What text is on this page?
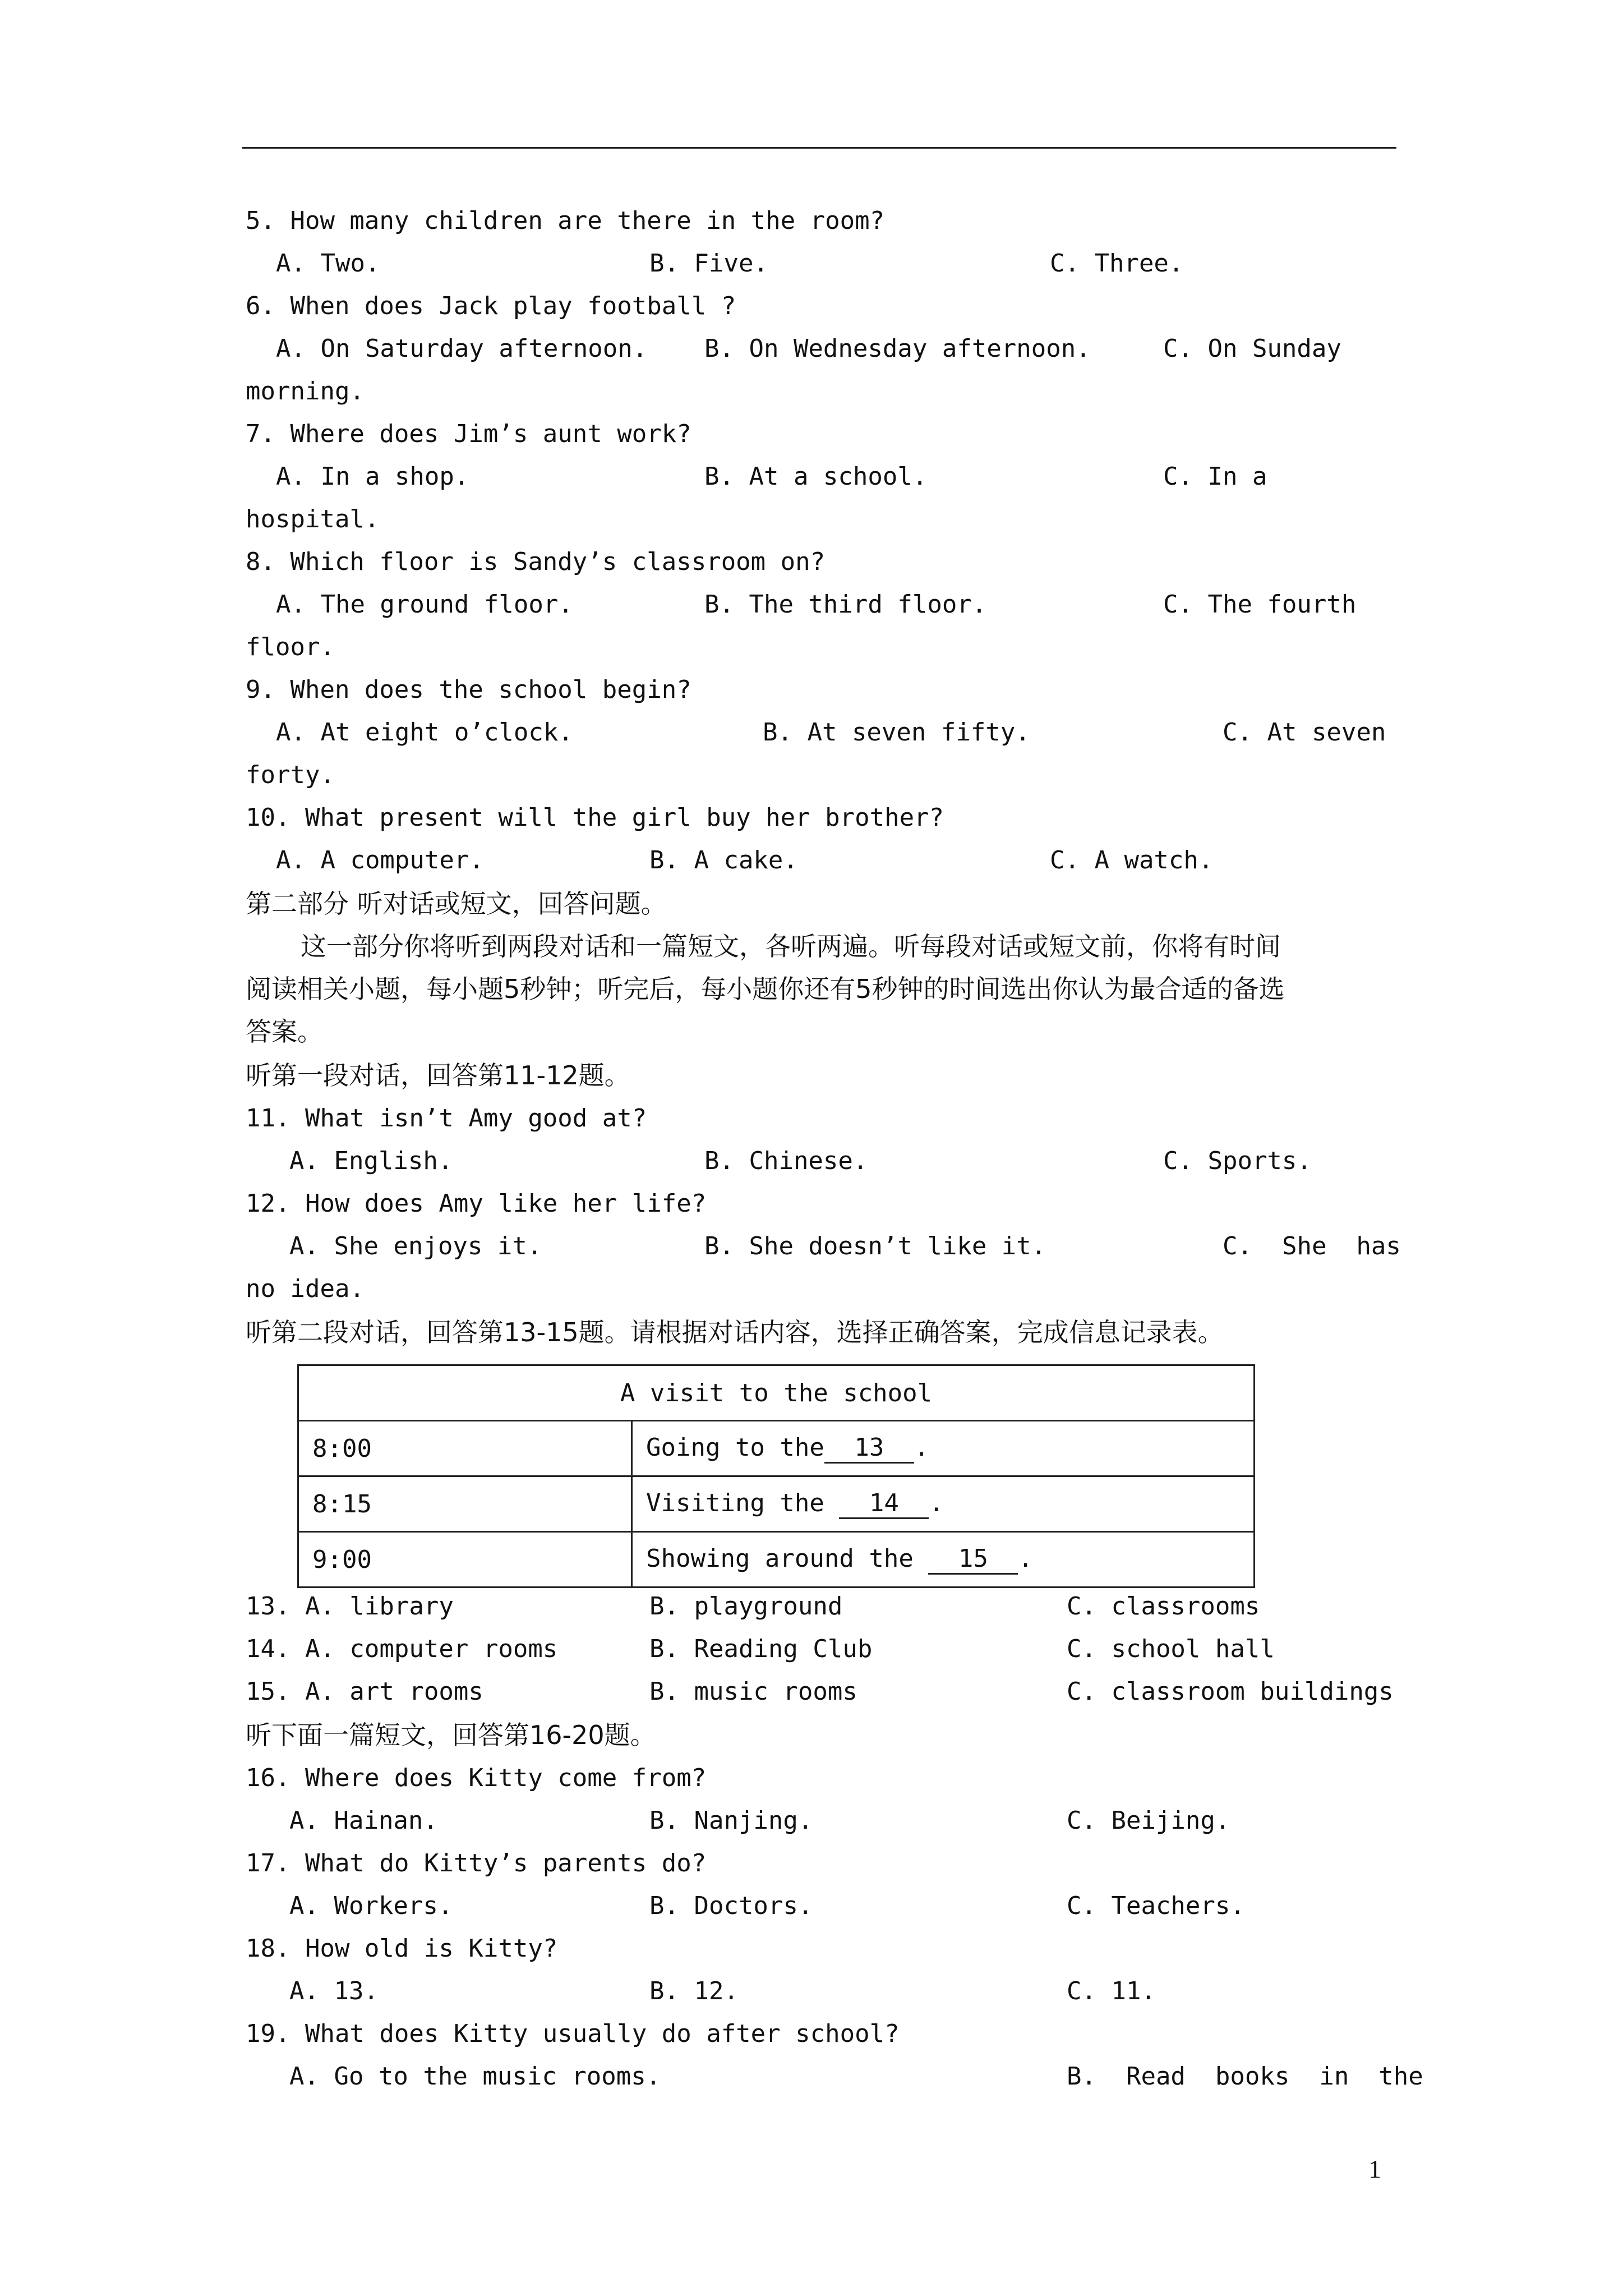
5. How many children are there in the room?
A. Two.	B. Five.	C. Three.
6. When does Jack play football ?
A. On Saturday afternoon. B. On Wednesday afternoon.	C. On Sunday
morning.
7. Where does Jim’s aunt work?
A. In a shop.	B. At a school.	C. In a
hospital.
8. Which floor is Sandy’s classroom on?
A. The ground floor.	B. The third floor.	C. The fourth
floor.
9. When does the school begin?
A. At eight o’clock.	B. At seven fifty.	C. At seven
forty.
10. What present will the girl buy her brother?
A. A computer.	B. A cake.	C. A watch.
第二部分 听对话或短文，回答问题。
这一部分你将听到两段对话和一篇短文，各听两遍。听每段对话或短文前，你将有时间
阅读相关小题，每小题5秒钟；听完后，每小题你还有5秒钟的时间选出你认为最合适的备选
答案。
听第一段对话，回答第11-12题。
11. What isn’t Amy good at?
A. English.	B. Chinese.	C. Sports.
12. How does Amy like her life?
A. She enjoys it.	B. She doesn’t like it.	C.  She  has
no idea.
听第二段对话，回答第13-15题。请根据对话内容，选择正确答案，完成信息记录表。
A visit to the school	
8:00	Going to the 13 .
8:15	Visiting the 14 .
9:00	Showing around the 15 .
13. A. library	B. playground	C. classrooms
14. A. computer rooms	B. Reading Club	C. school hall
15. A. art rooms	B. music rooms	C. classroom buildings
听下面一篇短文，回答第16-20题。
16. Where does Kitty come from?
A. Hainan.	B. Nanjing.	C. Beijing.
17. What do Kitty’s parents do?
A. Workers.	B. Doctors.	C. Teachers.
18. How old is Kitty?
A. 13.	B. 12.	C. 11.
19. What does Kitty usually do after school?
A. Go to the music rooms.	B.  Read  books  in  the
1
